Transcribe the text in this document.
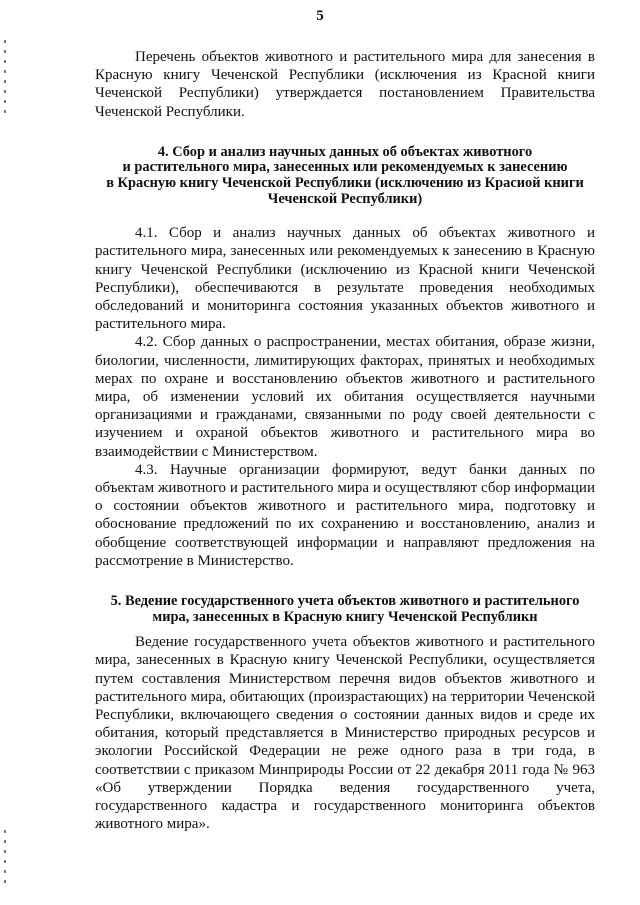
5

Перечень объектов животного и растительного мира для занесения в Красную книгу Чеченской Республики (исключения из Красной книги Чеченской Республики) утверждается постановлением Правительства Чеченской Республики.

4. Сбор и анализ научных данных об объектах животного
и растительного мира, занесенных или рекомендуемых к занесению
в Красную книгу Чеченской Республики (исключению из Красиой книги
Чеченской Республики)

4.1. Сбор и анализ научных данных об объектах животного и растительного мира, занесенных или рекомендуемых к занесению в Красную книгу Чеченской Республики (исключению из Красной книги Чеченской Республики), обеспечиваются в результате проведения необходимых обследований и мониторинга состояния указанных объектов животного и растительного мира.

4.2. Сбор данных о распространении, местах обитания, образе жизни, биологии, численности, лимитирующих факторах, принятых и необходимых мерах по охране и восстановлению объектов животного и растительного мира, об изменении условий их обитания осуществляется научными организациями и гражданами, связанными по роду своей деятельности с изучением и охраной объектов животного и растительного мира во взаимодействии с Министерством.

4.3. Научные организации формируют, ведут банки данных по объектам животного и растительного мира и осуществляют сбор информации о состоянии объектов животного и растительного мира, подготовку и обоснование предложений по их сохранению и восстановлению, анализ и обобщение соответствующей информации и направляют предложения на рассмотрение в Министерство.

5. Ведение государственного учета объектов животного и растительного
мира, занесенных в Красную книгу Чеченской Республикн

Ведение государственного учета объектов животного и растительного мира, занесенных в Красную книгу Чеченской Республики, осуществляется путем составления Министерством перечня видов объектов животного и растительного мира, обитающих (произрастающих) на территории Чеченской Республики, включающего сведения о состоянии данных видов и среде их обитания, который представляется в Министерство природных ресурсов и экологии Российской Федерации не реже одного раза в три года, в соответствии с приказом Минприроды России от 22 декабря 2011 года № 963 «Об утверждении Порядка ведения государственного учета, государственного кадастра и государственного мониторинга объектов животного мира».
